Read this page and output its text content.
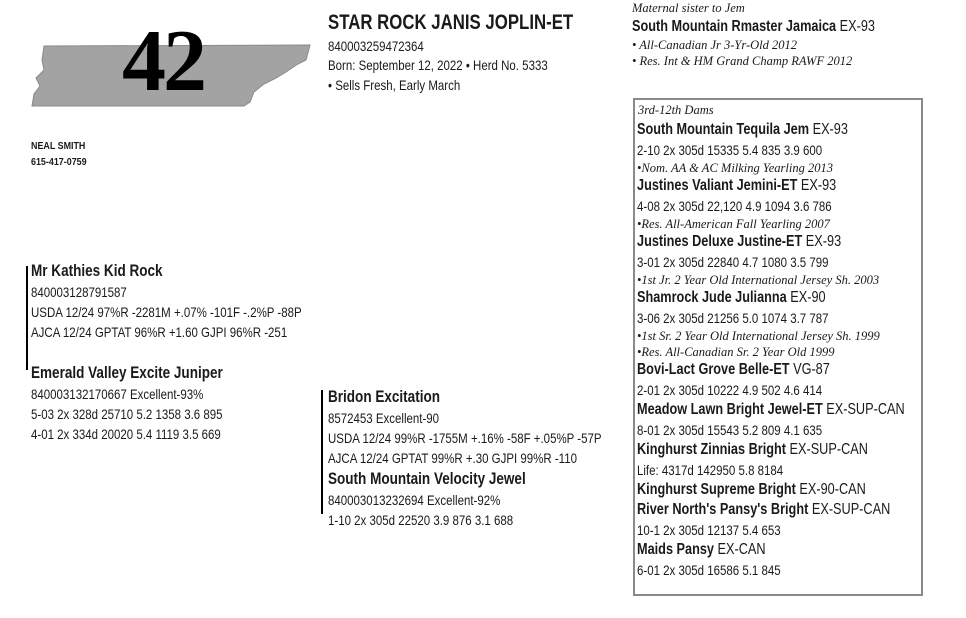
42
NEAL SMITH
615-417-0759
STAR ROCK JANIS JOPLIN-ET
840003259472364
Born: September 12, 2022 • Herd No. 5333
• Sells Fresh, Early March
Maternal sister to Jem
South Mountain Rmaster Jamaica EX-93
• All-Canadian Jr 3-Yr-Old 2012
• Res. Int & HM Grand Champ RAWF 2012
Mr Kathies Kid Rock
840003128791587
USDA 12/24 97%R -2281M +.07% -101F -.2%P -88P
AJCA 12/24 GPTAT 96%R +1.60 GJPI 96%R -251
Emerald Valley Excite Juniper
840003132170667 Excellent-93%
5-03 2x 328d 25710 5.2 1358 3.6 895
4-01 2x 334d 20020 5.4 1119 3.5 669
Bridon Excitation
8572453 Excellent-90
USDA 12/24 99%R -1755M +.16% -58F +.05%P -57P
AJCA 12/24 GPTAT 99%R +.30 GJPI 99%R -110
South Mountain Velocity Jewel
840003013232694 Excellent-92%
1-10 2x 305d 22520 3.9 876 3.1 688
3rd-12th Dams
South Mountain Tequila Jem EX-93
2-10 2x 305d 15335 5.4 835 3.9 600
•Nom. AA & AC Milking Yearling 2013
Justines Valiant Jemini-ET EX-93
4-08 2x 305d 22,120 4.9 1094 3.6 786
•Res. All-American Fall Yearling 2007
Justines Deluxe Justine-ET EX-93
3-01 2x 305d 22840 4.7 1080 3.5 799
•1st Jr. 2 Year Old International Jersey Sh. 2003
Shamrock Jude Julianna EX-90
3-06 2x 305d 21256 5.0 1074 3.7 787
•1st Sr. 2 Year Old International Jersey Sh. 1999
•Res. All-Canadian Sr. 2 Year Old 1999
Bovi-Lact Grove Belle-ET VG-87
2-01 2x 305d 10222 4.9 502 4.6 414
Meadow Lawn Bright Jewel-ET EX-SUP-CAN
8-01 2x 305d 15543 5.2 809 4.1 635
Kinghurst Zinnias Bright EX-SUP-CAN
Life: 4317d 142950 5.8 8184
Kinghurst Supreme Bright EX-90-CAN
River North's Pansy's Bright EX-SUP-CAN
10-1 2x 305d 12137 5.4 653
Maids Pansy EX-CAN
6-01 2x 305d 16586 5.1 845
